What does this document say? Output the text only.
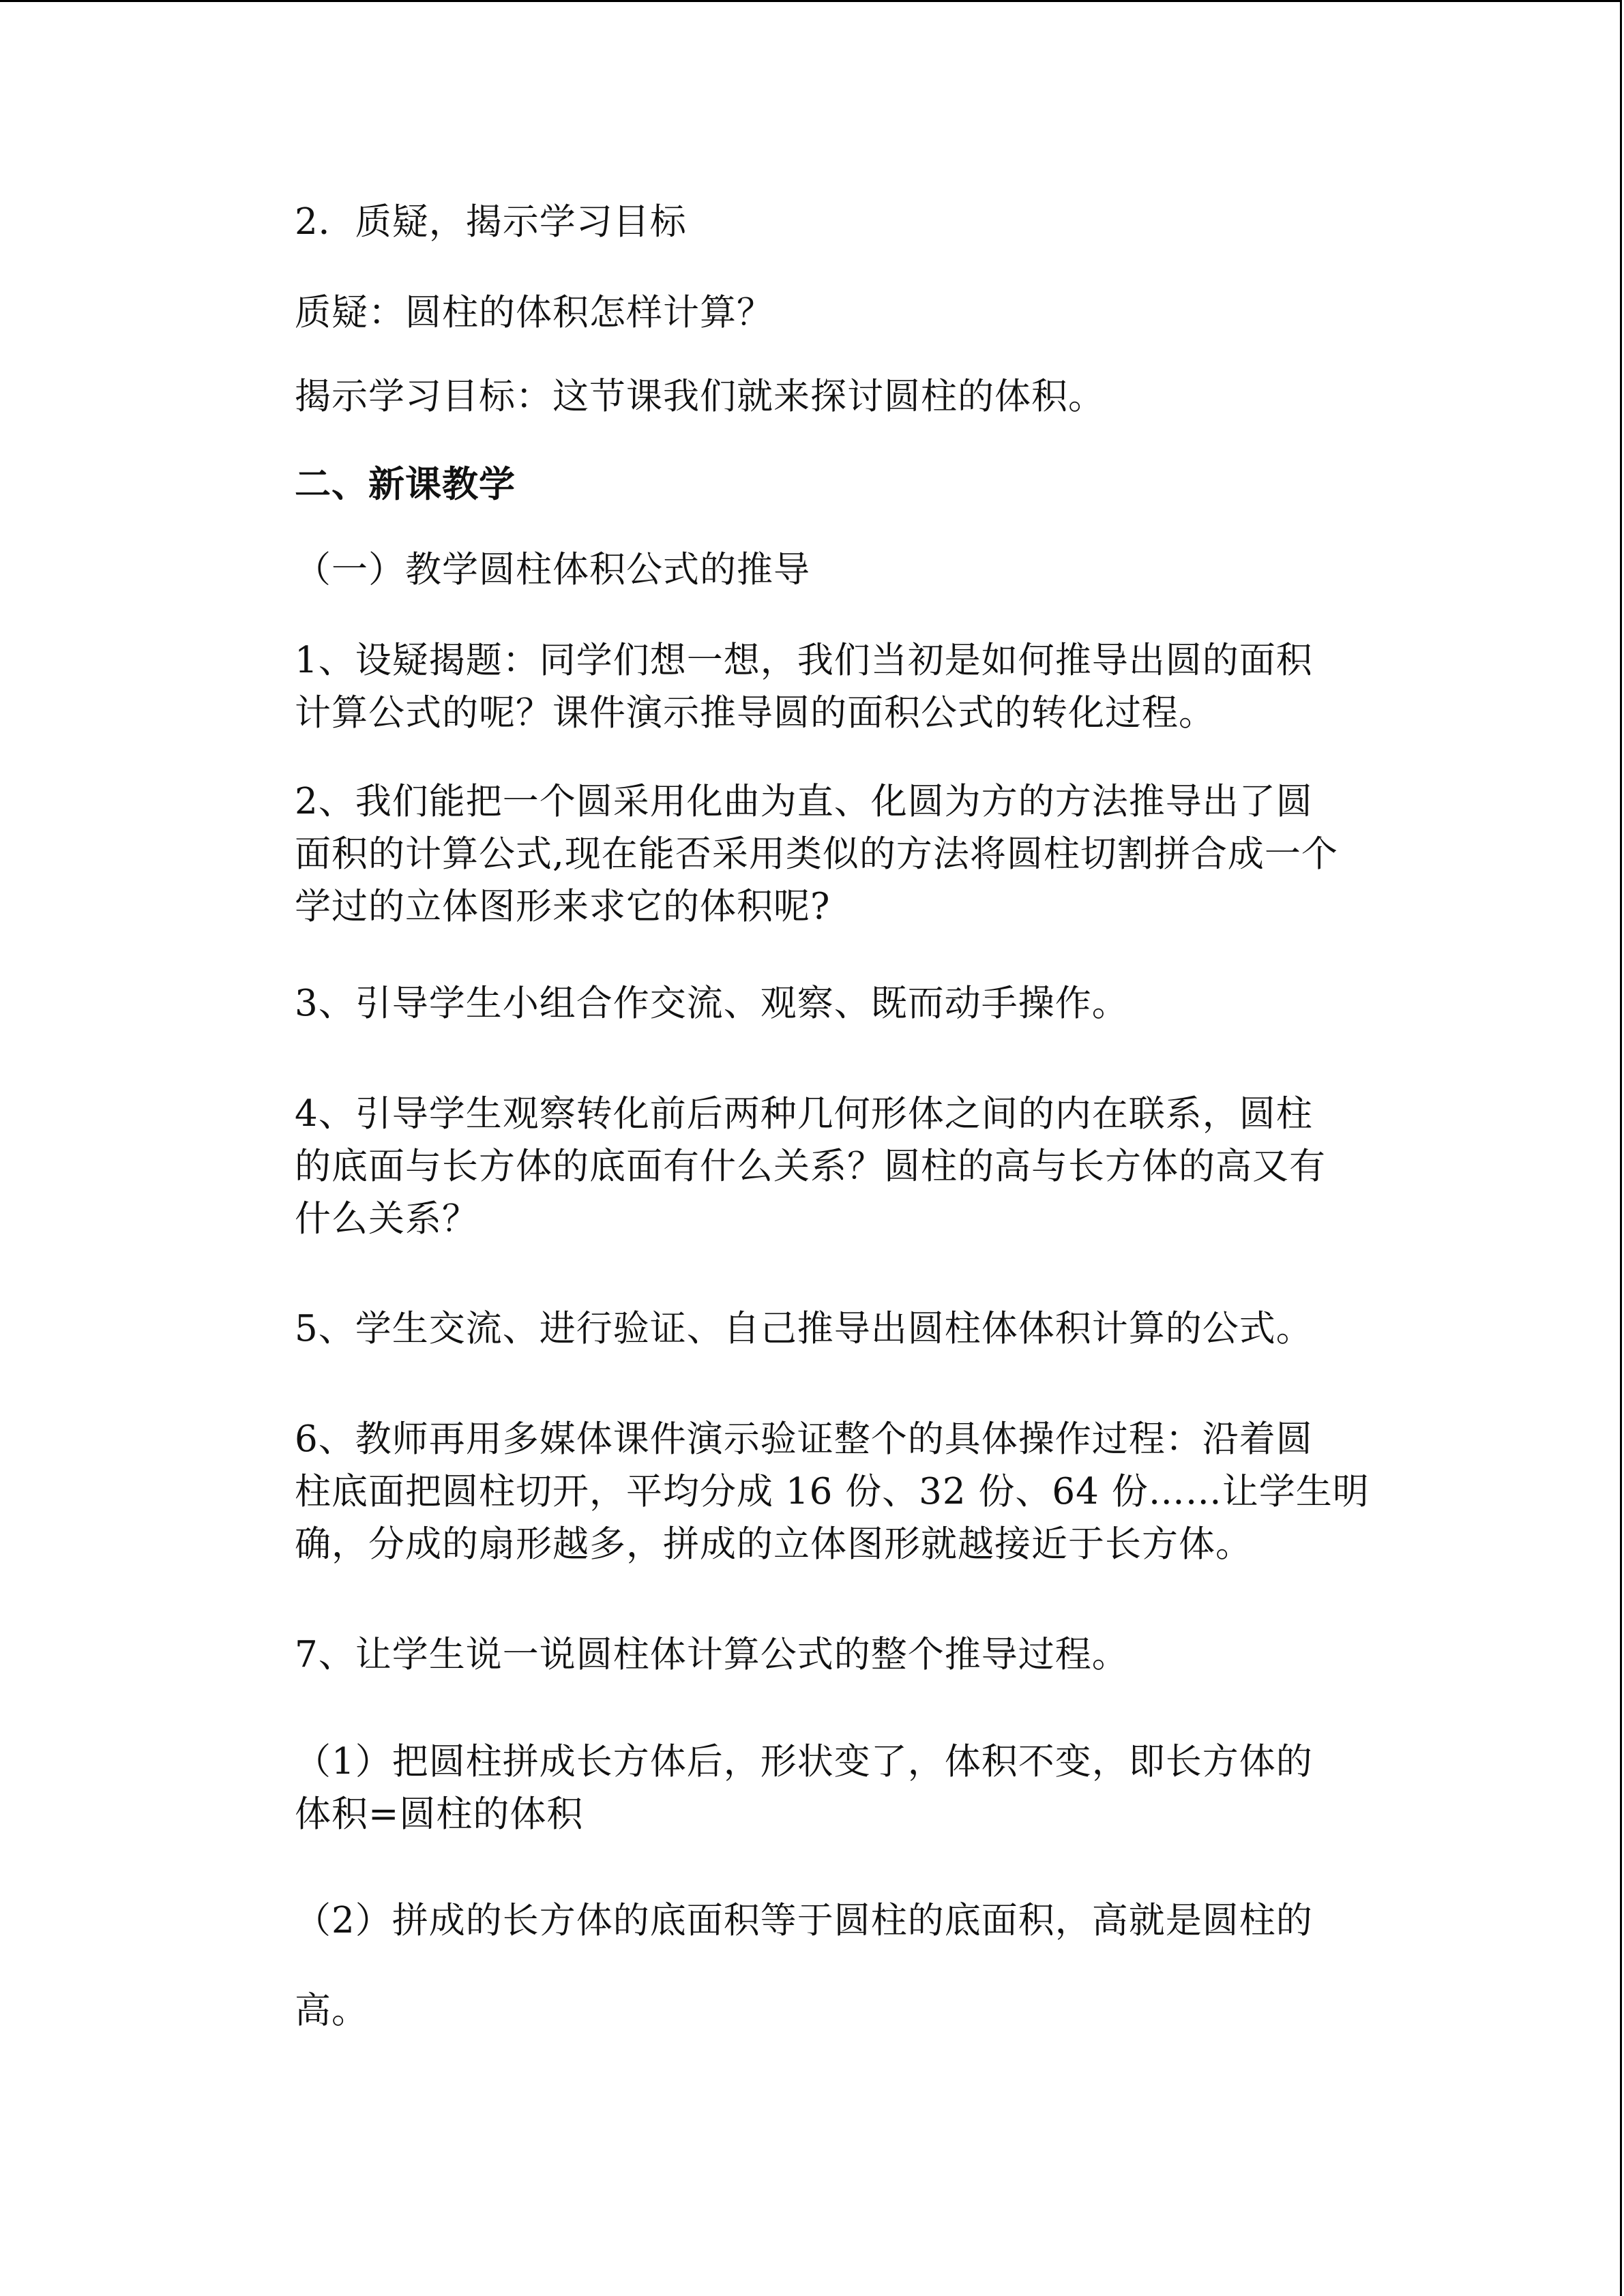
2．质疑，揭示学习目标
质疑：圆柱的体积怎样计算？
揭示学习目标：这节课我们就来探讨圆柱的体积。
二、新课教学
（一）教学圆柱体积公式的推导
1、设疑揭题：同学们想一想，我们当初是如何推导出圆的面积
计算公式的呢？课件演示推导圆的面积公式的转化过程。
2、我们能把一个圆采用化曲为直、化圆为方的方法推导出了圆
面积的计算公式,现在能否采用类似的方法将圆柱切割拼合成一个
学过的立体图形来求它的体积呢?
3、引导学生小组合作交流、观察、既而动手操作。
4、引导学生观察转化前后两种几何形体之间的内在联系，圆柱
的底面与长方体的底面有什么关系？圆柱的高与长方体的高又有
什么关系？
5、学生交流、进行验证、自己推导出圆柱体体积计算的公式。
6、教师再用多媒体课件演示验证整个的具体操作过程：沿着圆
柱底面把圆柱切开，平均分成 16 份、32 份、64 份……让学生明
确，分成的扇形越多，拼成的立体图形就越接近于长方体。
7、让学生说一说圆柱体计算公式的整个推导过程。
（1）把圆柱拼成长方体后，形状变了，体积不变，即长方体的
体积=圆柱的体积
（2）拼成的长方体的底面积等于圆柱的底面积，高就是圆柱的
高。
